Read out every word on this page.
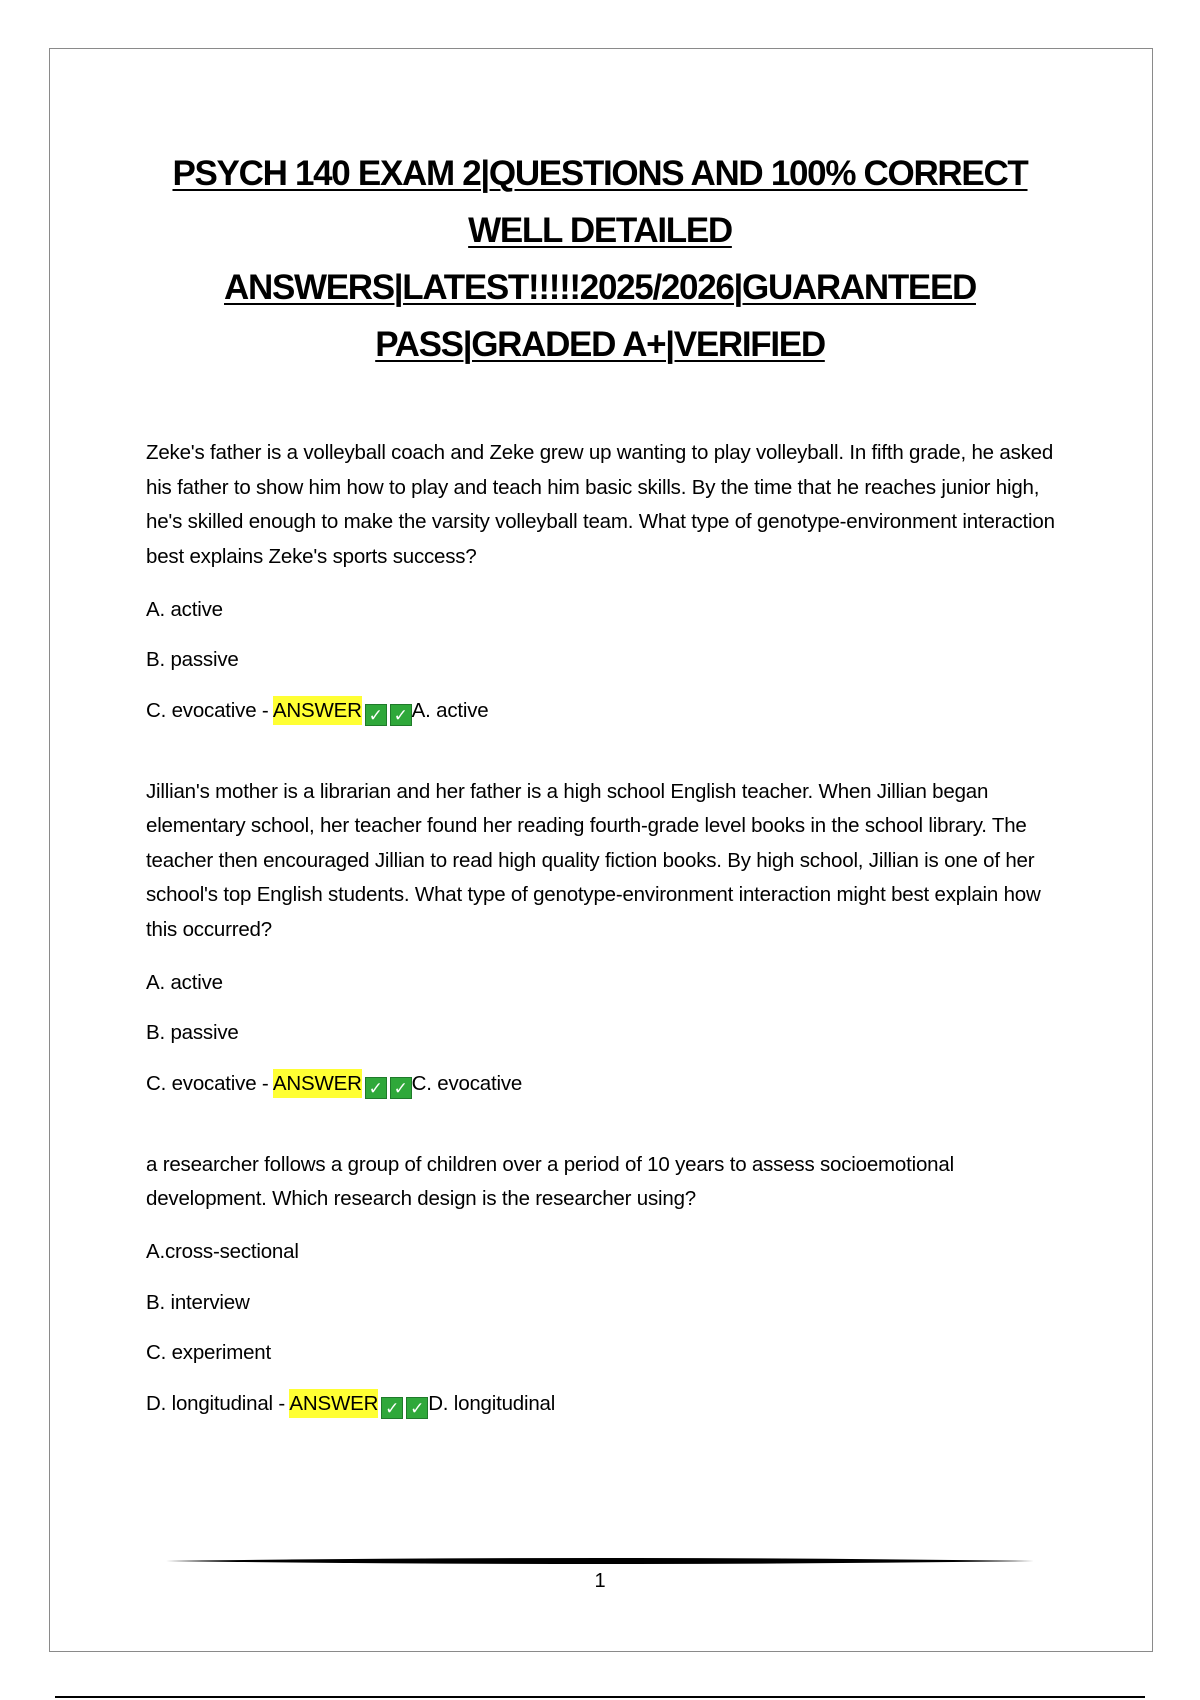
PSYCH 140 EXAM 2|QUESTIONS AND 100% CORRECT
WELL DETAILED
ANSWERS|LATEST!!!!!2025/2026|GUARANTEED
PASS|GRADED A+|VERIFIED

Zeke's father is a volleyball coach and Zeke grew up wanting to play volleyball. In fifth grade, he asked his father to show him how to play and teach him basic skills. By the time that he reaches junior high, he's skilled enough to make the varsity volleyball team. What type of genotype-environment interaction best explains Zeke's sports success?

A. active

B. passive

C. evocative - ANSWER ✓ ✓ A. active

Jillian's mother is a librarian and her father is a high school English teacher. When Jillian began elementary school, her teacher found her reading fourth-grade level books in the school library. The teacher then encouraged Jillian to read high quality fiction books. By high school, Jillian is one of her school's top English students. What type of genotype-environment interaction might best explain how this occurred?

A. active

B. passive

C. evocative - ANSWER ✓ ✓ C. evocative

a researcher follows a group of children over a period of 10 years to assess socioemotional development. Which research design is the researcher using?

A.cross-sectional

B. interview

C. experiment

D. longitudinal - ANSWER ✓ ✓ D. longitudinal

1
